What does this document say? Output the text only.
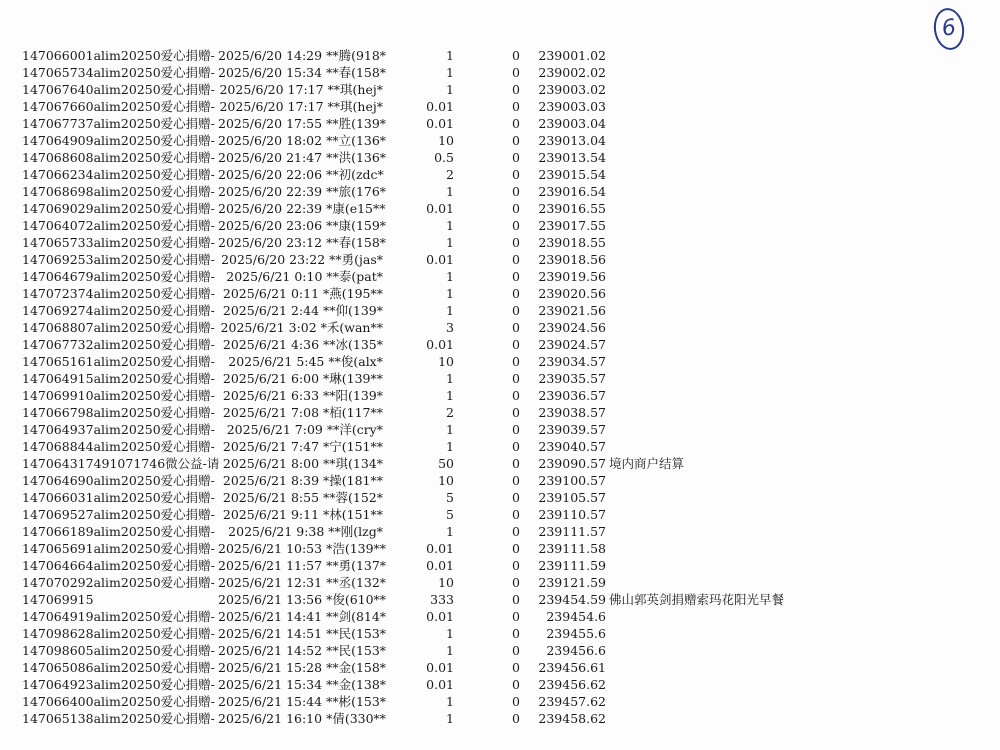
6
147066001alim20250爱心捐赠- 2025/6/20 14:29 **腾(918*	1	0	239001.02
147065734alim20250爱心捐赠- 2025/6/20 15:34 **春(158*	1	0	239002.02
147067640alim20250爱心捐赠- 2025/6/20 17:17 **琪(hej*	1	0	239003.02
147067660alim20250爱心捐赠- 2025/6/20 17:17 **琪(hej*	0.01	0	239003.03
147067737alim20250爱心捐赠- 2025/6/20 17:55 **胜(139*	0.01	0	239003.04
147064909alim20250爱心捐赠- 2025/6/20 18:02 **立(136*	10	0	239013.04
147068608alim20250爱心捐赠- 2025/6/20 21:47 **洪(136*	0.5	0	239013.54
147066234alim20250爱心捐赠- 2025/6/20 22:06 **初(zdc*	2	0	239015.54
147068698alim20250爱心捐赠- 2025/6/20 22:39 **旅(176*	1	0	239016.54
147069029alim20250爱心捐赠- 2025/6/20 22:39 *康(e15**	0.01	0	239016.55
147064072alim20250爱心捐赠- 2025/6/20 23:06 **康(159*	1	0	239017.55
147065733alim20250爱心捐赠- 2025/6/20 23:12 **春(158*	1	0	239018.55
147069253alim20250爱心捐赠- 2025/6/20 23:22 **勇(jas*	0.01	0	239018.56
147064679alim20250爱心捐赠- 2025/6/21 0:10 **泰(pat*	1	0	239019.56
147072374alim20250爱心捐赠- 2025/6/21 0:11 *燕(195**	1	0	239020.56
147069274alim20250爱心捐赠- 2025/6/21 2:44 **仰(139*	1	0	239021.56
147068807alim20250爱心捐赠- 2025/6/21 3:02 *禾(wan**	3	0	239024.56
147067732alim20250爱心捐赠- 2025/6/21 4:36 **冰(135*	0.01	0	239024.57
147065161alim20250爱心捐赠-	2025/6/21 5:45 **俊(alx*	10	0	239034.57
147064915alim20250爱心捐赠- 2025/6/21 6:00 *琳(139**	1	0	239035.57
147069910alim20250爱心捐赠- 2025/6/21 6:33 **阳(139*	1	0	239036.57
147066798alim20250爱心捐赠- 2025/6/21 7:08 *栢(117**	2	0	239038.57
147064937alim20250爱心捐赠- 2025/6/21 7:09 **洋(cry*	1	0	239039.57
147068844alim20250爱心捐赠- 2025/6/21 7:47 *宁(151**	1	0	239040.57
147064317491071746微公益-请 2025/6/21 8:00 **琪(134*	50	0	239090.57 境内商户结算
147064690alim20250爱心捐赠- 2025/6/21 8:39 *操(181**	10	0	239100.57
147066031alim20250爱心捐赠- 2025/6/21 8:55 **蓉(152*	5	0	239105.57
147069527alim20250爱心捐赠- 2025/6/21 9:11 *林(151**	5	0	239110.57
147066189alim20250爱心捐赠-	2025/6/21 9:38 **刚(lzg*	1	0	239111.57
147065691alim20250爱心捐赠- 2025/6/21 10:53 *浩(139**	0.01	0	239111.58
147064664alim20250爱心捐赠- 2025/6/21 11:57 **勇(137*	0.01	0	239111.59
147070292alim20250爱心捐赠- 2025/6/21 12:31 **丞(132*	10	0	239121.59
147069915	2025/6/21 13:56 *俊(610**	333	0	239454.59 佛山郭英剑捐赠索玛花阳光早餐
147064919alim20250爱心捐赠- 2025/6/21 14:41 **剑(814*	0.01	0	239454.6
147098628alim20250爱心捐赠- 2025/6/21 14:51 **民(153*	1	0	239455.6
147098605alim20250爱心捐赠- 2025/6/21 14:52 **民(153*	1	0	239456.6
147065086alim20250爱心捐赠- 2025/6/21 15:28 **金(158*	0.01	0	239456.61
147064923alim20250爱心捐赠- 2025/6/21 15:34 **金(138*	0.01	0	239456.62
147066400alim20250爱心捐赠- 2025/6/21 15:44 **彬(153*	1	0	239457.62
147065138alim20250爱心捐赠- 2025/6/21 16:10 *倩(330**	1	0	239458.62
